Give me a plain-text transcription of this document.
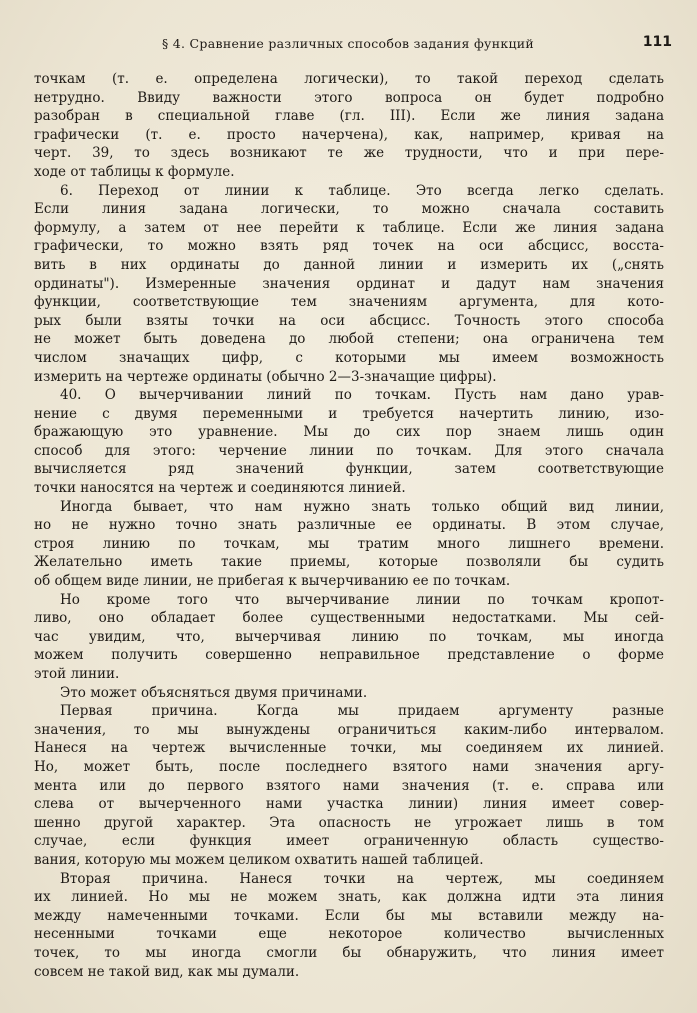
§ 4. Сравнение различных способов задания функций	111
точкам (т. е. определена логически), то такой переход сделать
нетрудно. Ввиду важности этого вопроса он будет подробно
разобран в специальной главе (гл. III). Если же линия задана
графически (т. е. просто начерчена), как, например, кривая на
черт. 39, то здесь возникают те же трудности, что и при пере-
ходе от таблицы к формуле.
6. Переход от линии к таблице. Это всегда легко сделать.
Если линия задана логически, то можно сначала составить
формулу, а затем от нее перейти к таблице. Если же линия задана
графически, то можно взять ряд точек на оси абсцисс, восста-
вить в них ординаты до данной линии и измерить их („снять
ординаты"). Измеренные значения ординат и дадут нам значения
функции, соответствующие тем значениям аргумента, для кото-
рых были взяты точки на оси абсцисс. Точность этого способа
не может быть доведена до любой степени; она ограничена тем
числом значащих цифр, с которыми мы имеем возможность
измерить на чертеже ординаты (обычно 2—3-значащие цифры).
40. О вычерчивании линий по точкам. Пусть нам дано урав-
нение с двумя переменными и требуется начертить линию, изо-
бражающую это уравнение. Мы до сих пор знаем лишь один
способ для этого: черчение линии по точкам. Для этого сначала
вычисляется ряд значений функции, затем соответствующие
точки наносятся на чертеж и соединяются линией.
Иногда бывает, что нам нужно знать только общий вид линии,
но не нужно точно знать различные ее ординаты. В этом случае,
строя линию по точкам, мы тратим много лишнего времени.
Желательно иметь такие приемы, которые позволяли бы судить
об общем виде линии, не прибегая к вычерчиванию ее по точкам.
Но кроме того что вычерчивание линии по точкам кропот-
ливо, оно обладает более существенными недостатками. Мы сей-
час увидим, что, вычерчивая линию по точкам, мы иногда
можем получить совершенно неправильное представление о форме
этой линии.
Это может объясняться двумя причинами.
Первая причина. Когда мы придаем аргументу разные
значения, то мы вынуждены ограничиться каким-либо интервалом.
Нанеся на чертеж вычисленные точки, мы соединяем их линией.
Но, может быть, после последнего взятого нами значения аргу-
мента или до первого взятого нами значения (т. е. справа или
слева от вычерченного нами участка линии) линия имеет совер-
шенно другой характер. Эта опасность не угрожает лишь в том
случае, если функция имеет ограниченную область существо-
вания, которую мы можем целиком охватить нашей таблицей.
Вторая причина. Нанеся точки на чертеж, мы соединяем
их линией. Но мы не можем знать, как должна идти эта линия
между намеченными точками. Если бы мы вставили между на-
несенными точками еще некоторое количество вычисленных
точек, то мы иногда смогли бы обнаружить, что линия имеет
совсем не такой вид, как мы думали.
